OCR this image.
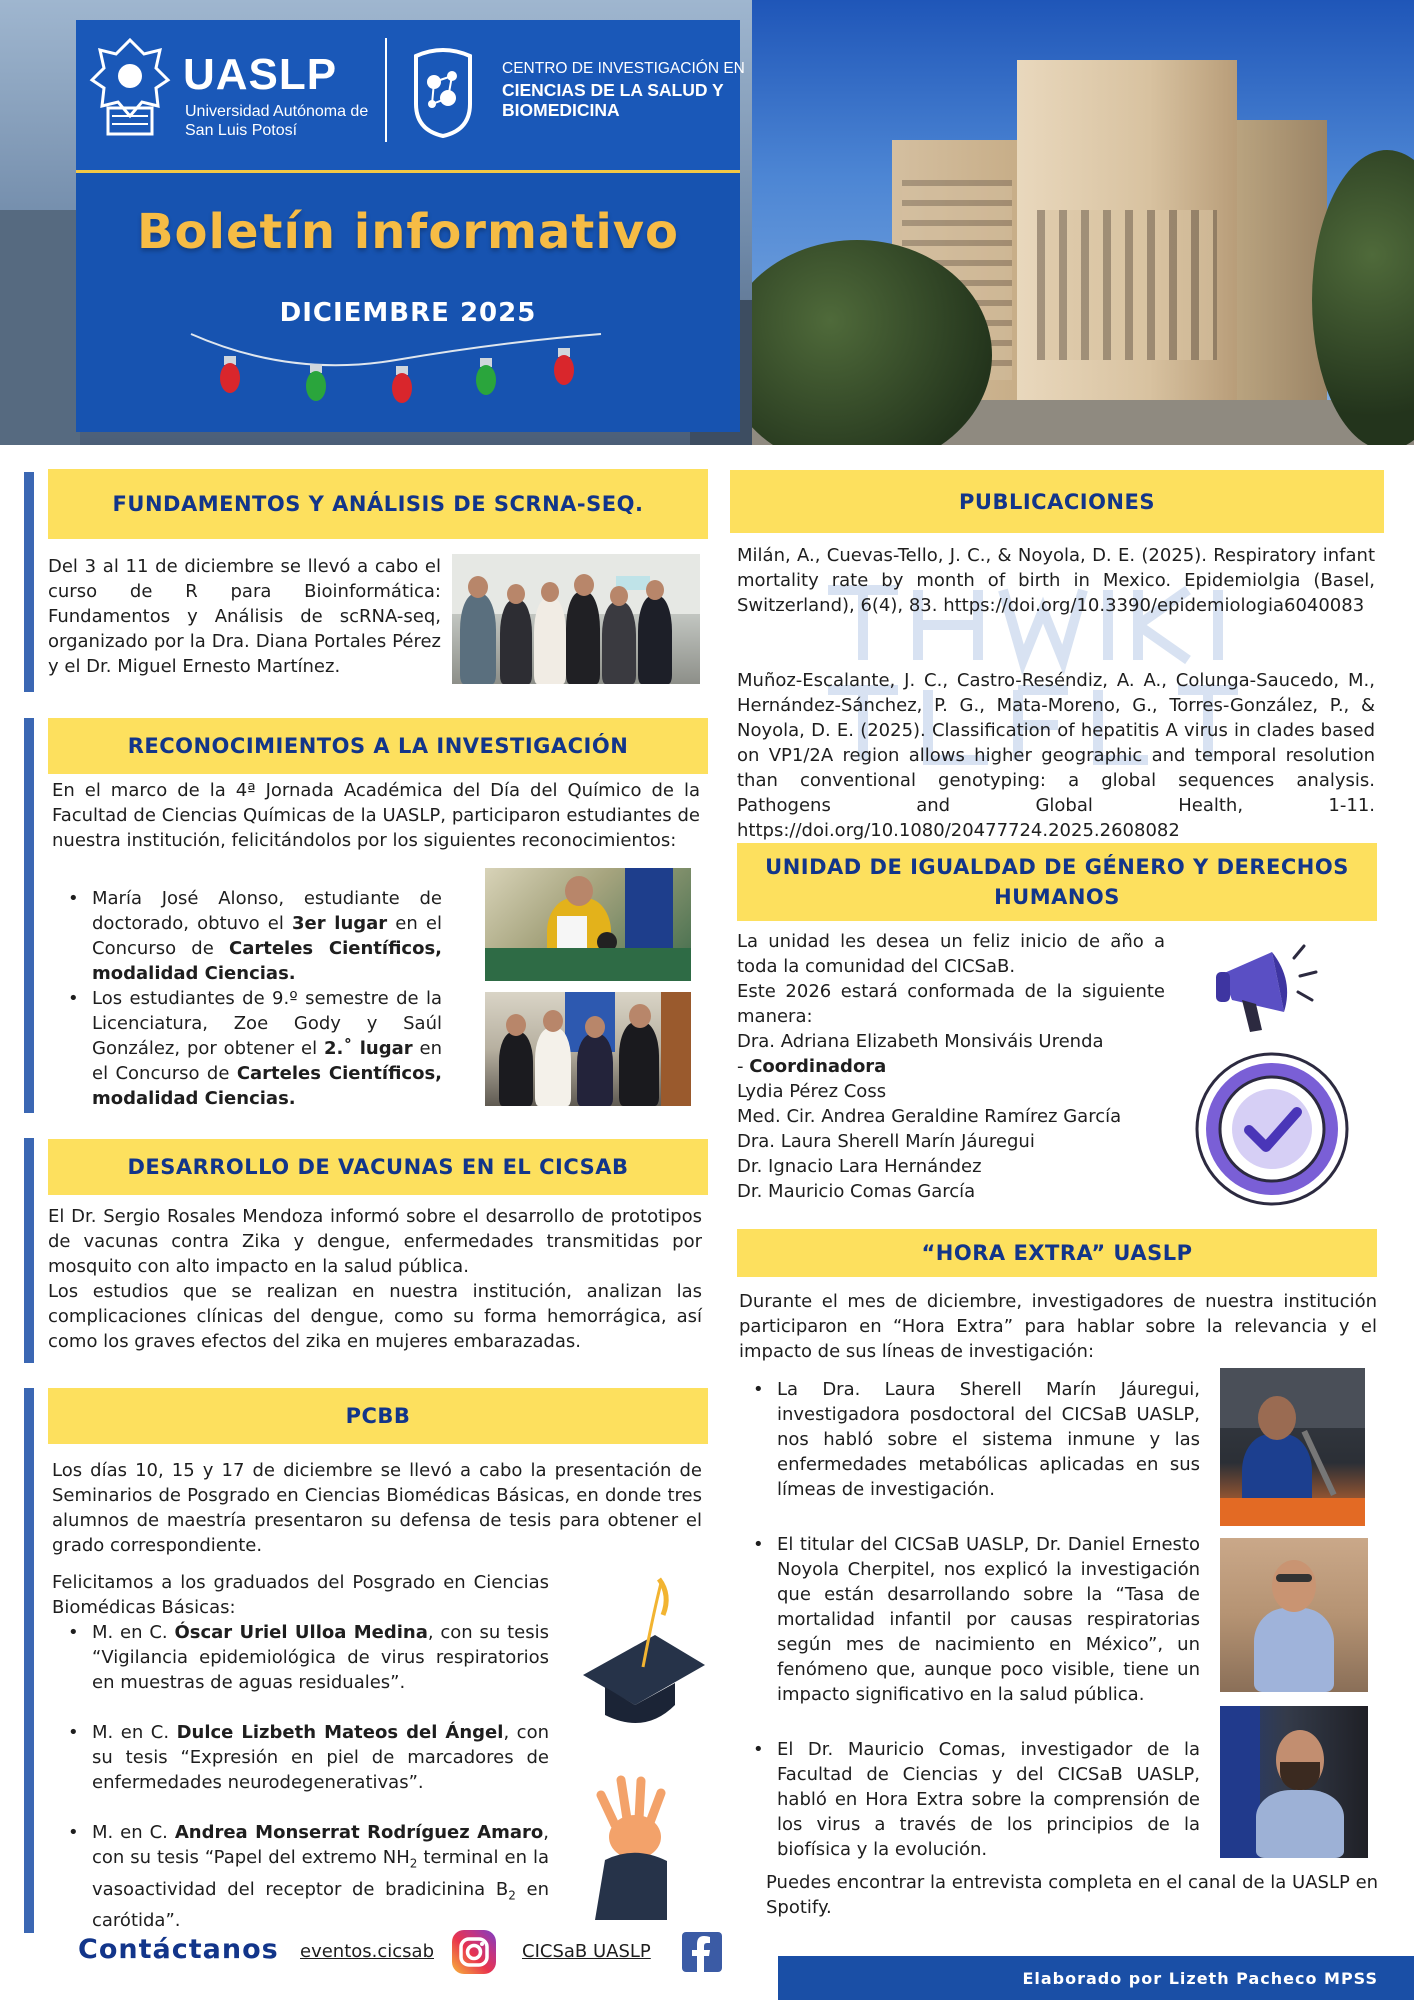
UASLP
Universidad Autónoma de San Luis Potosí
CENTRO DE INVESTIGACIÓN EN
CIENCIAS DE LA SALUD Y BIOMEDICINA
Boletín informativo
DICIEMBRE 2025
FUNDAMENTOS Y ANÁLISIS DE SCRNA-SEQ.
Del 3 al 11 de diciembre se llevó a cabo el curso de R para Bioinformática: Fundamentos y Análisis de scRNA-seq, organizado por la Dra. Diana Portales Pérez y el Dr. Miguel Ernesto Martínez.
RECONOCIMIENTOS A LA INVESTIGACIÓN
En el marco de la 4ª Jornada Académica del Día del Químico de la Facultad de Ciencias Químicas de la UASLP, participaron estudiantes de nuestra institución, felicitándolos por los siguientes reconocimientos:
• María José Alonso, estudiante de doctorado, obtuvo el 3er lugar en el Concurso de Carteles Científicos, modalidad Ciencias.
• Los estudiantes de 9.º semestre de la Licenciatura, Zoe Gody y Saúl González, por obtener el 2.˚ lugar en el Concurso de Carteles Científicos, modalidad Ciencias.
DESARROLLO DE VACUNAS EN EL CICSAB
El Dr. Sergio Rosales Mendoza informó sobre el desarrollo de prototipos de vacunas contra Zika y dengue, enfermedades transmitidas por mosquito con alto impacto en la salud pública.
Los estudios que se realizan en nuestra institución, analizan las complicaciones clínicas del dengue, como su forma hemorrágica, así como los graves efectos del zika en mujeres embarazadas.
PCBB
Los días 10, 15 y 17 de diciembre se llevó a cabo la presentación de Seminarios de Posgrado en Ciencias Biomédicas Básicas, en donde tres alumnos de maestría presentaron su defensa de tesis para obtener el grado correspondiente.
Felicitamos a los graduados del Posgrado en Ciencias Biomédicas Básicas:
• M. en C. Óscar Uriel Ulloa Medina, con su tesis “Vigilancia epidemiológica de virus respiratorios en muestras de aguas residuales”.
• M. en C. Dulce Lizbeth Mateos del Ángel, con su tesis “Expresión en piel de marcadores de enfermedades neurodegenerativas”.
• M. en C. Andrea Monserrat Rodríguez Amaro, con su tesis “Papel del extremo $NH_2$ terminal en la vasoactividad del receptor de bradicinina $B_2$ en carótida”.
PUBLICACIONES
Milán, A., Cuevas-Tello, J. C., & Noyola, D. E. (2025). Respiratory infant mortality rate by month of birth in Mexico. Epidemiolgia (Basel, Switzerland), 6(4), 83. https://doi.org/10.3390/epidemiologia6040083
Muñoz-Escalante, J. C., Castro-Reséndiz, A. A., Colunga-Saucedo, M., Hernández-Sánchez, P. G., Mata-Moreno, G., Torres-González, P., & Noyola, D. E. (2025). Classification of hepatitis A virus in clades based on VP1/2A region allows higher geographic and temporal resolution than conventional genotyping: a global sequences analysis. Pathogens and Global Health, 1-11. https://doi.org/10.1080/20477724.2025.2608082
UNIDAD DE IGUALDAD DE GÉNERO Y DERECHOS HUMANOS
La unidad les desea un feliz inicio de año a toda la comunidad del CICSaB.
Este 2026 estará conformada de la siguiente manera:
Dra. Adriana Elizabeth Monsiváis Urenda
- Coordinadora
Lydia Pérez Coss
Med. Cir. Andrea Geraldine Ramírez García
Dra. Laura Sherell Marín Jáuregui
Dr. Ignacio Lara Hernández
Dr. Mauricio Comas García
“HORA EXTRA” UASLP
Durante el mes de diciembre, investigadores de nuestra institución participaron en “Hora Extra” para hablar sobre la relevancia y el impacto de sus líneas de investigación:
• La Dra. Laura Sherell Marín Jáuregui, investigadora posdoctoral del CICSaB UASLP, nos habló sobre el sistema inmune y las enfermedades metabólicas aplicadas en sus límeas de investigación.
• El titular del CICSaB UASLP, Dr. Daniel Ernesto Noyola Cherpitel, nos explicó la investigación que están desarrollando sobre la “Tasa de mortalidad infantil por causas respiratorias según mes de nacimiento en México”, un fenómeno que, aunque poco visible, tiene un impacto significativo en la salud pública.
• El Dr. Mauricio Comas, investigador de la Facultad de Ciencias y del CICSaB UASLP, habló en Hora Extra sobre la comprensión de los virus a través de los principios de la biofísica y la evolución.
Puedes encontrar la entrevista completa en el canal de la UASLP en Spotify.
Contáctanos eventos.cicsab	CICSaB UASLP
Elaborado por Lizeth Pacheco MPSS
